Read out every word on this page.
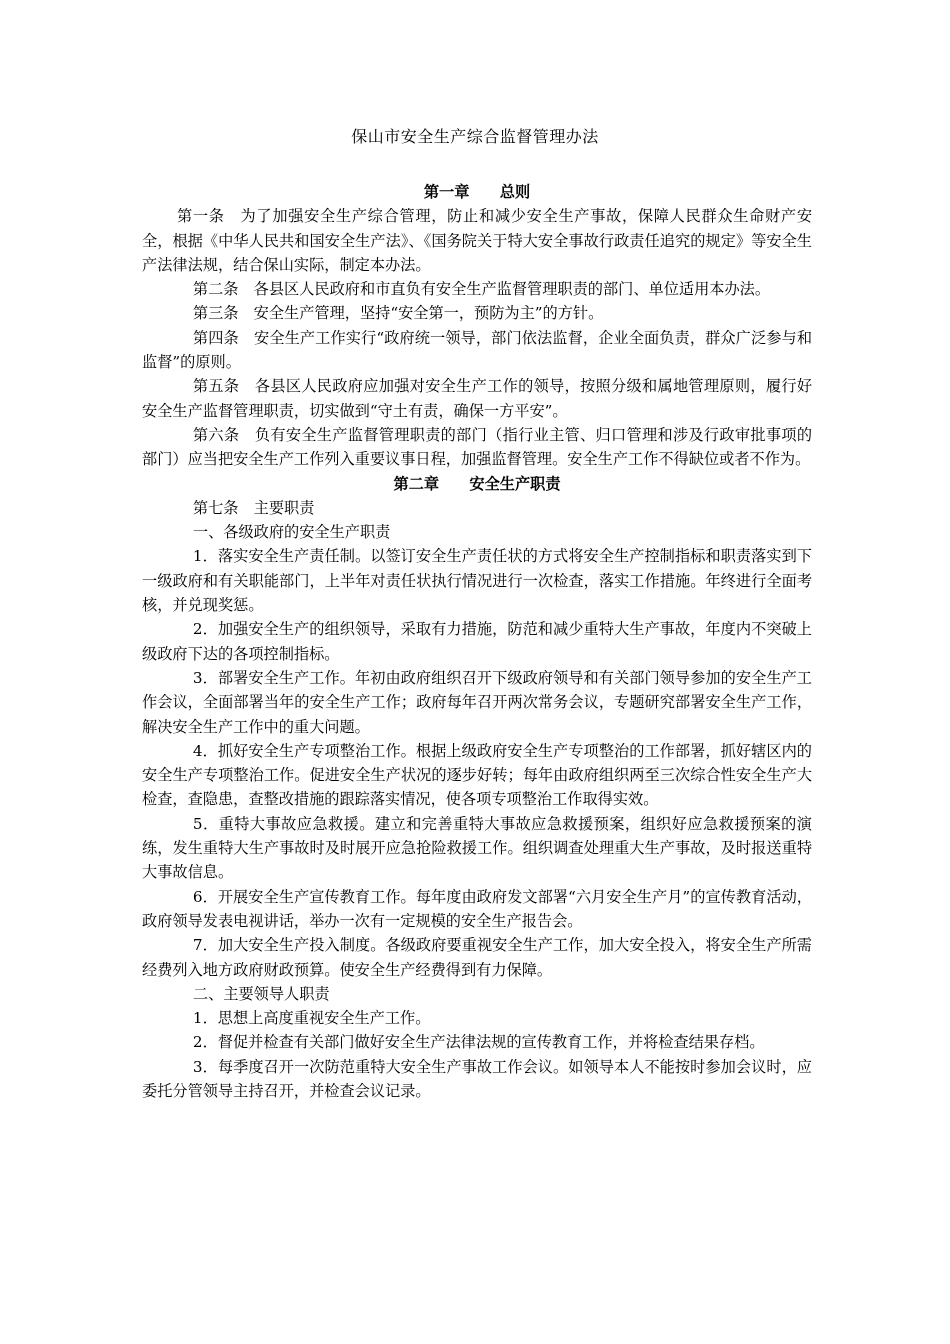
保山市安全生产综合监督管理办法
第一章　　总则

第一条　为了加强安全生产综合管理，防止和减少安全生产事故，保障人民群众生命财产安全，根据《中华人民共和国安全生产法》、《国务院关于特大安全事故行政责任追究的规定》等安全生产法律法规，结合保山实际，制定本办法。

第二条　各县区人民政府和市直负有安全生产监督管理职责的部门、单位适用本办法。

第三条　安全生产管理，坚持“安全第一，预防为主”的方针。

第四条　安全生产工作实行“政府统一领导，部门依法监督，企业全面负责，群众广泛参与和监督”的原则。

第五条　各县区人民政府应加强对安全生产工作的领导，按照分级和属地管理原则，履行好安全生产监督管理职责，切实做到“守土有责，确保一方平安”。

第六条　负有安全生产监督管理职责的部门（指行业主管、归口管理和涉及行政审批事项的部门）应当把安全生产工作列入重要议事日程，加强监督管理。安全生产工作不得缺位或者不作为。

第二章　　安全生产职责

第七条　主要职责

一、各级政府的安全生产职责

1．落实安全生产责任制。以签订安全生产责任状的方式将安全生产控制指标和职责落实到下一级政府和有关职能部门，上半年对责任状执行情况进行一次检查，落实工作措施。年终进行全面考核，并兑现奖惩。

2．加强安全生产的组织领导，采取有力措施，防范和减少重特大生产事故，年度内不突破上级政府下达的各项控制指标。

3．部署安全生产工作。年初由政府组织召开下级政府领导和有关部门领导参加的安全生产工作会议，全面部署当年的安全生产工作；政府每年召开两次常务会议，专题研究部署安全生产工作，解决安全生产工作中的重大问题。

4．抓好安全生产专项整治工作。根据上级政府安全生产专项整治的工作部署，抓好辖区内的安全生产专项整治工作。促进安全生产状况的逐步好转；每年由政府组织两至三次综合性安全生产大检查，查隐患，查整改措施的跟踪落实情况，使各项专项整治工作取得实效。

5．重特大事故应急救援。建立和完善重特大事故应急救援预案，组织好应急救援预案的演练，发生重特大生产事故时及时展开应急抢险救援工作。组织调查处理重大生产事故，及时报送重特大事故信息。

6．开展安全生产宣传教育工作。每年度由政府发文部署“六月安全生产月”的宣传教育活动，政府领导发表电视讲话，举办一次有一定规模的安全生产报告会。

7．加大安全生产投入制度。各级政府要重视安全生产工作，加大安全投入，将安全生产所需经费列入地方政府财政预算。使安全生产经费得到有力保障。

二、主要领导人职责

1．思想上高度重视安全生产工作。

2．督促并检查有关部门做好安全生产法律法规的宣传教育工作，并将检查结果存档。

3．每季度召开一次防范重特大安全生产事故工作会议。如领导本人不能按时参加会议时，应委托分管领导主持召开，并检查会议记录。
